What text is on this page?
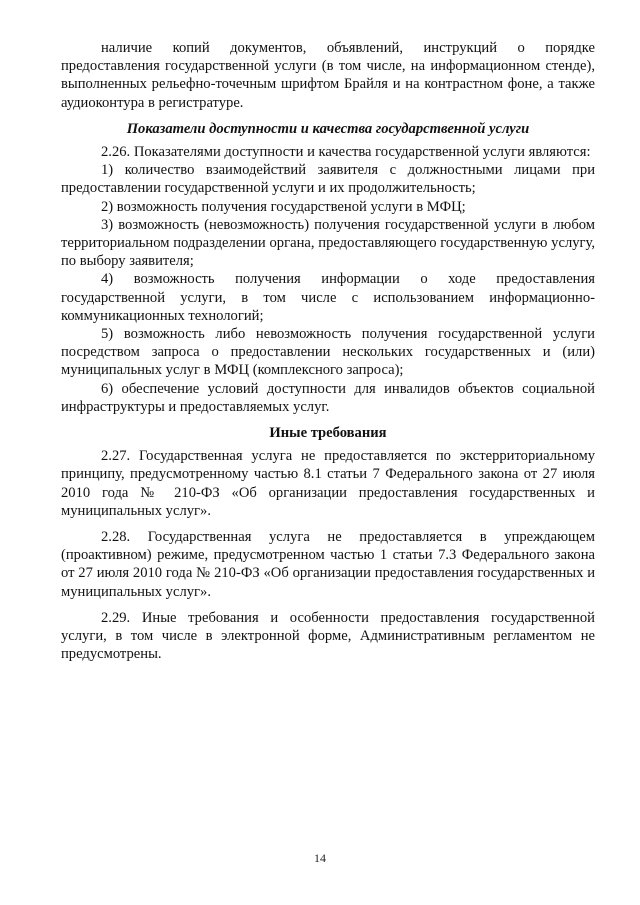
наличие копий документов, объявлений, инструкций о порядке предоставления государственной услуги (в том числе, на информационном стенде), выполненных рельефно-точечным шрифтом Брайля и на контрастном фоне, а также аудиоконтура в регистратуре.

Показатели доступности и качества государственной услуги

2.26. Показателями доступности и качества государственной услуги являются:

1) количество взаимодействий заявителя с должностными лицами при предоставлении государственной услуги и их продолжительность;

2) возможность получения государственой услуги в МФЦ;

3) возможность (невозможность) получения государственной услуги в любом территориальном подразделении органа, предоставляющего государственную услугу, по выбору заявителя;

4) возможность получения информации о ходе предоставления государственной услуги, в том числе с использованием информационно-коммуникационных технологий;

5) возможность либо невозможность получения государственной услуги посредством запроса о предоставлении нескольких государственных и (или) муниципальных услуг в МФЦ (комплексного запроса);

6) обеспечение условий доступности для инвалидов объектов социальной инфраструктуры и предоставляемых услуг.

Иные требования

2.27. Государственная услуга не предоставляется по экстерриториальному принципу, предусмотренному частью 8.1 статьи 7 Федерального закона от 27 июля 2010 года № 210-ФЗ «Об организации предоставления государственных и муниципальных услуг».

2.28. Государственная услуга не предоставляется в упреждающем (проактивном) режиме, предусмотренном частью 1 статьи 7.3 Федерального закона от 27 июля 2010 года № 210-ФЗ «Об организации предоставления государственных и муниципальных услуг».

2.29. Иные требования и особенности предоставления государственной услуги, в том числе в электронной форме, Административным регламентом не предусмотрены.

14
